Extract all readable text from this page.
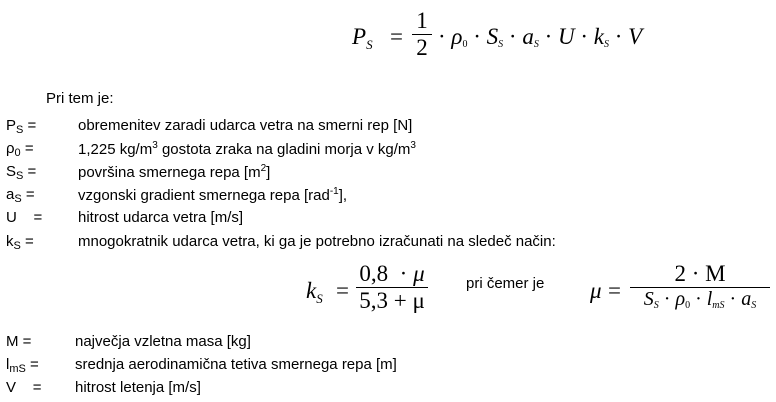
$P_S$ =
1
2 · ρ0 · SS · aS · U · kS · V
Pri tem je:
$P_S$ =	obremenitev zaradi udarca vetra na smerni rep [N]
$\rho_0$ =	1,225 $kg/m^3$ gostota zraka na gladini morja v $kg/m^3$
$S_S$ =	površina smernega repa $[m^2]$
$a_S$ =	vzgonski gradient smernega repa [rad$^{-1}$],
U = hitrost udarca vetra [m/s]
$k_S$ =	mnogokratnik udarca vetra, ki ga je potrebno izračunati na sledeč način:
$k_S$ =
0,8 · μ
5,3 + μ
pri čemer je μ =
2 · M
SS · ρ0 · lmS · aS
M =	največja vzletna masa [kg]
$l_{mS}$ = srednja aerodinamična tetiva smernega repa [m]
V = hitrost letenja [m/s]
